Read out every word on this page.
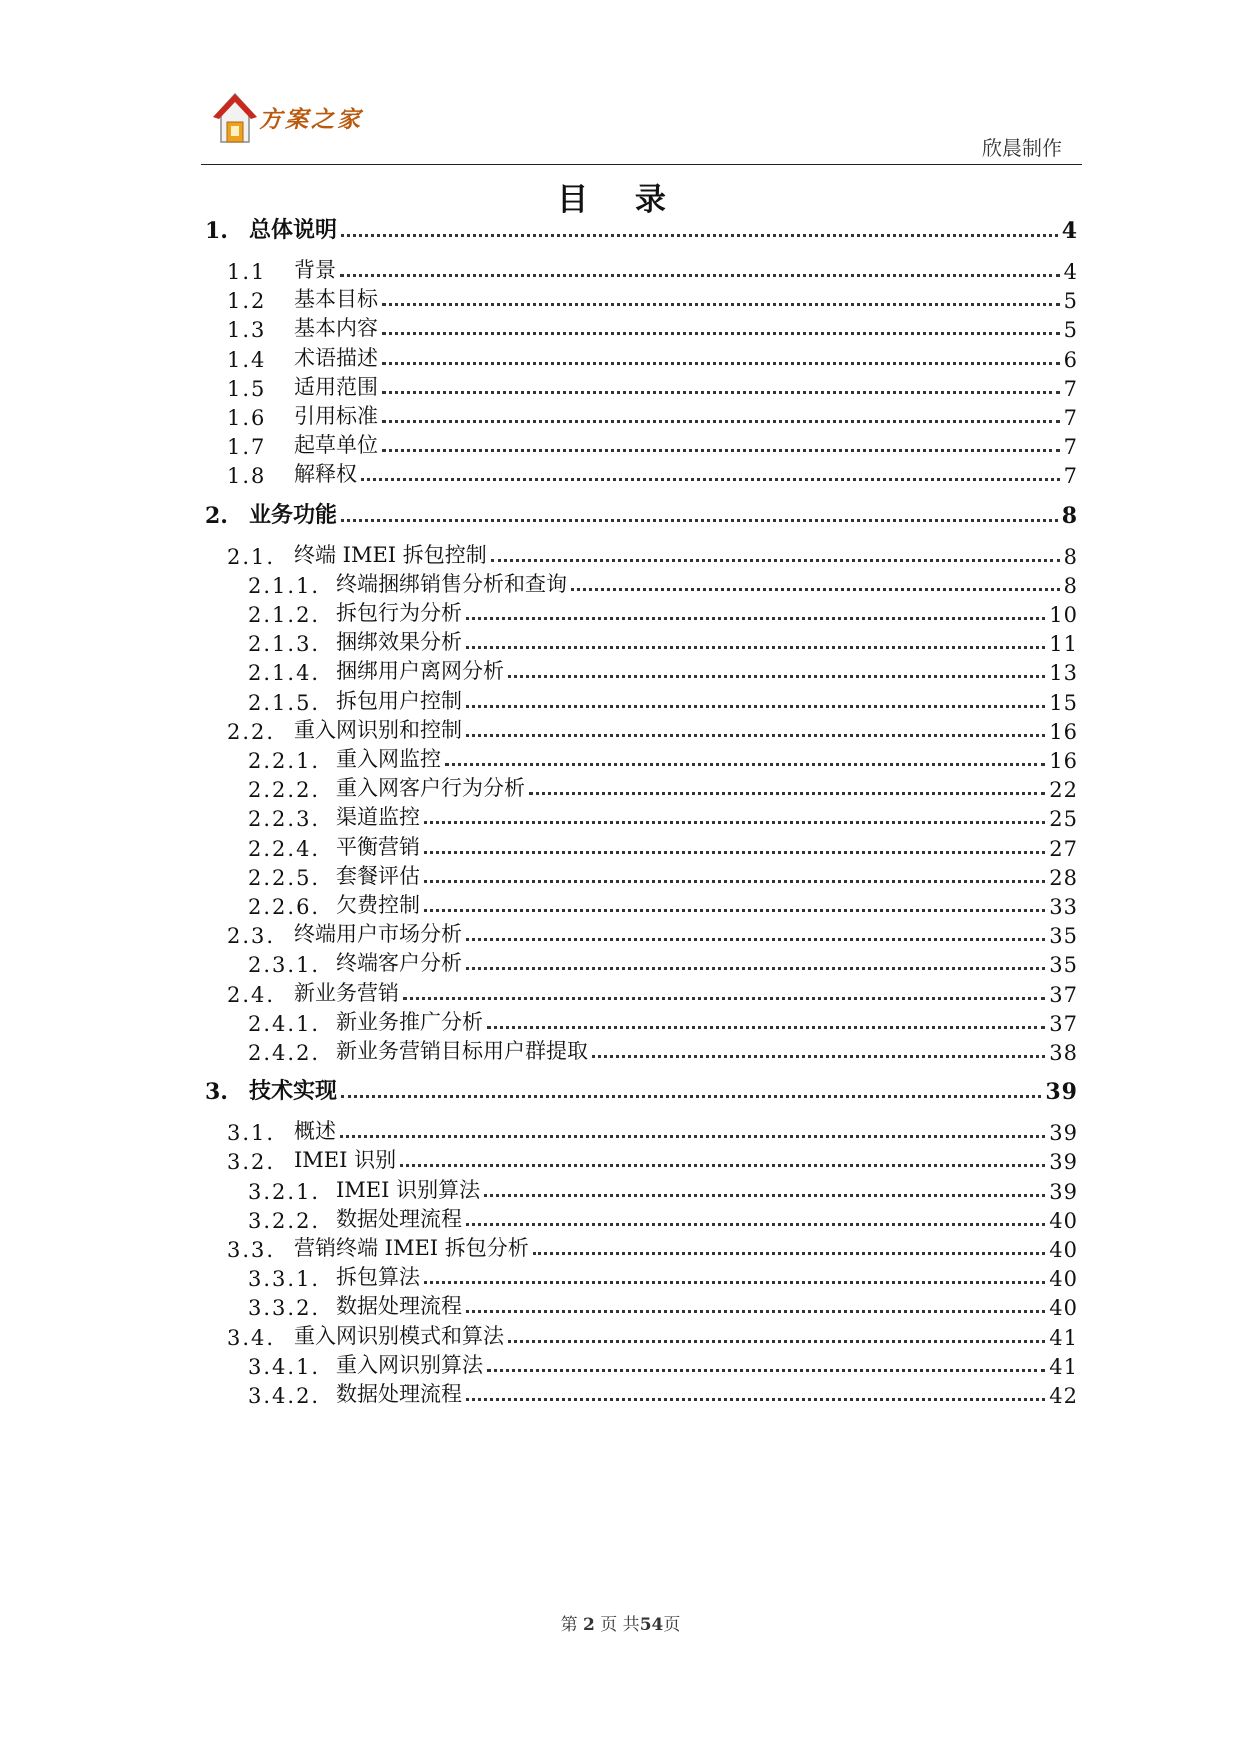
方案之家
欣晨制作
目 录
1. 总体说明	4
1.1	背景	4
1.2	基本目标	5
1.3	基本内容	5
1.4	术语描述	6
1.5	适用范围	7
1.6	引用标准	7
1.7	起草单位	7
1.8	解释权	7
2. 业务功能	8
2.1. 终端 IMEI 拆包控制	8
2.1.1. 终端捆绑销售分析和查询	8
2.1.2. 拆包行为分析	10
2.1.3. 捆绑效果分析	11
2.1.4. 捆绑用户离网分析	13
2.1.5. 拆包用户控制	15
2.2. 重入网识别和控制	16
2.2.1. 重入网监控	16
2.2.2. 重入网客户行为分析	22
2.2.3. 渠道监控	25
2.2.4. 平衡营销	27
2.2.5. 套餐评估	28
2.2.6. 欠费控制	33
2.3. 终端用户市场分析	35
2.3.1. 终端客户分析	35
2.4. 新业务营销	37
2.4.1. 新业务推广分析	37
2.4.2. 新业务营销目标用户群提取	38
3. 技术实现	39
3.1. 概述	39
3.2. IMEI 识别	39
3.2.1. IMEI 识别算法	39
3.2.2. 数据处理流程	40
3.3. 营销终端 IMEI 拆包分析	40
3.3.1. 拆包算法	40
3.3.2. 数据处理流程	40
3.4. 重入网识别模式和算法	41
3.4.1. 重入网识别算法	41
3.4.2. 数据处理流程	42
第 2 页 共54页
